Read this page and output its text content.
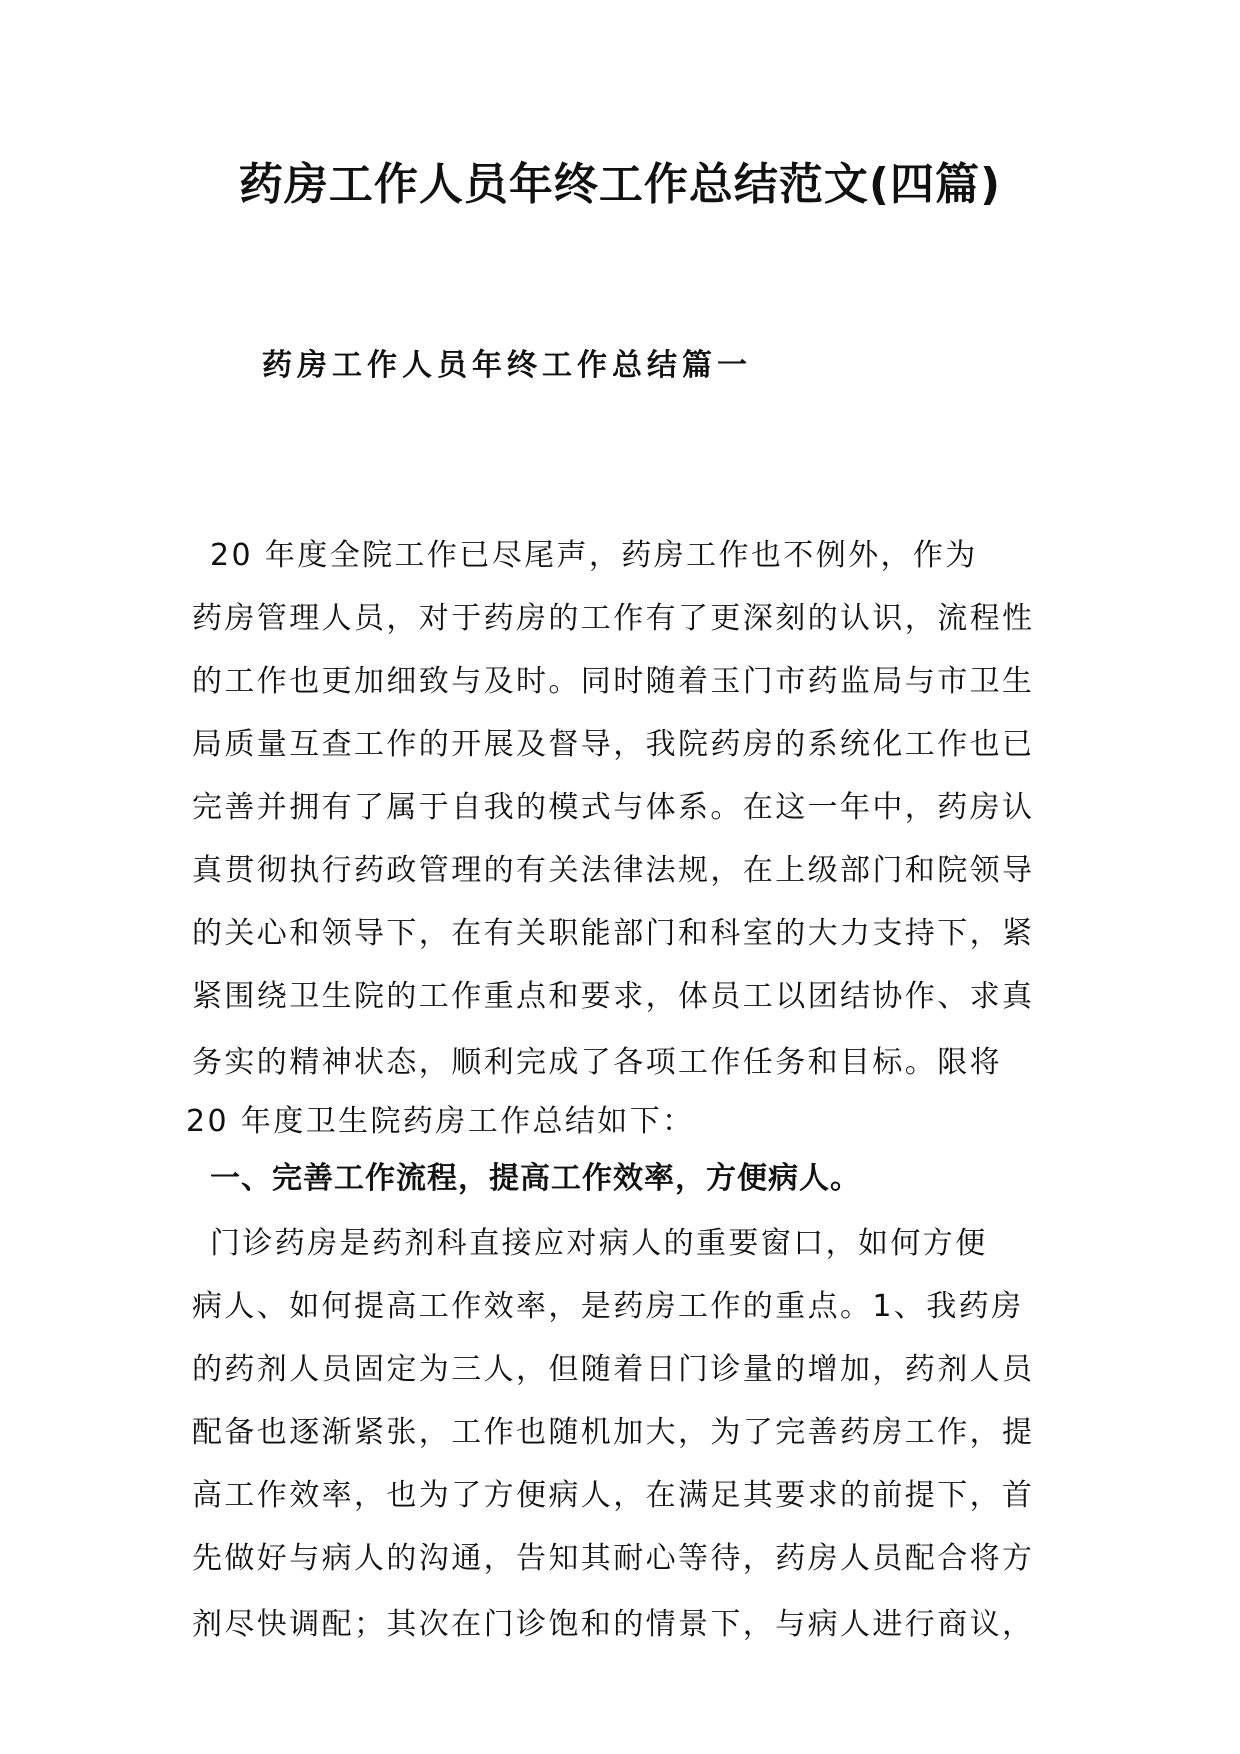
药房工作人员年终工作总结范文(四篇)
药房工作人员年终工作总结篇一
20 年度全院工作已尽尾声，药房工作也不例外，作为
药房管理人员，对于药房的工作有了更深刻的认识，流程性
的工作也更加细致与及时。同时随着玉门市药监局与市卫生
局质量互查工作的开展及督导，我院药房的系统化工作也已
完善并拥有了属于自我的模式与体系。在这一年中，药房认
真贯彻执行药政管理的有关法律法规，在上级部门和院领导
的关心和领导下，在有关职能部门和科室的大力支持下，紧
紧围绕卫生院的工作重点和要求，体员工以团结协作、求真
务实的精神状态，顺利完成了各项工作任务和目标。限将
20 年度卫生院药房工作总结如下：
一、完善工作流程，提高工作效率，方便病人。
门诊药房是药剂科直接应对病人的重要窗口，如何方便
病人、如何提高工作效率，是药房工作的重点。1、我药房
的药剂人员固定为三人，但随着日门诊量的增加，药剂人员
配备也逐渐紧张，工作也随机加大，为了完善药房工作，提
高工作效率，也为了方便病人，在满足其要求的前提下，首
先做好与病人的沟通，告知其耐心等待，药房人员配合将方
剂尽快调配；其次在门诊饱和的情景下，与病人进行商议，
